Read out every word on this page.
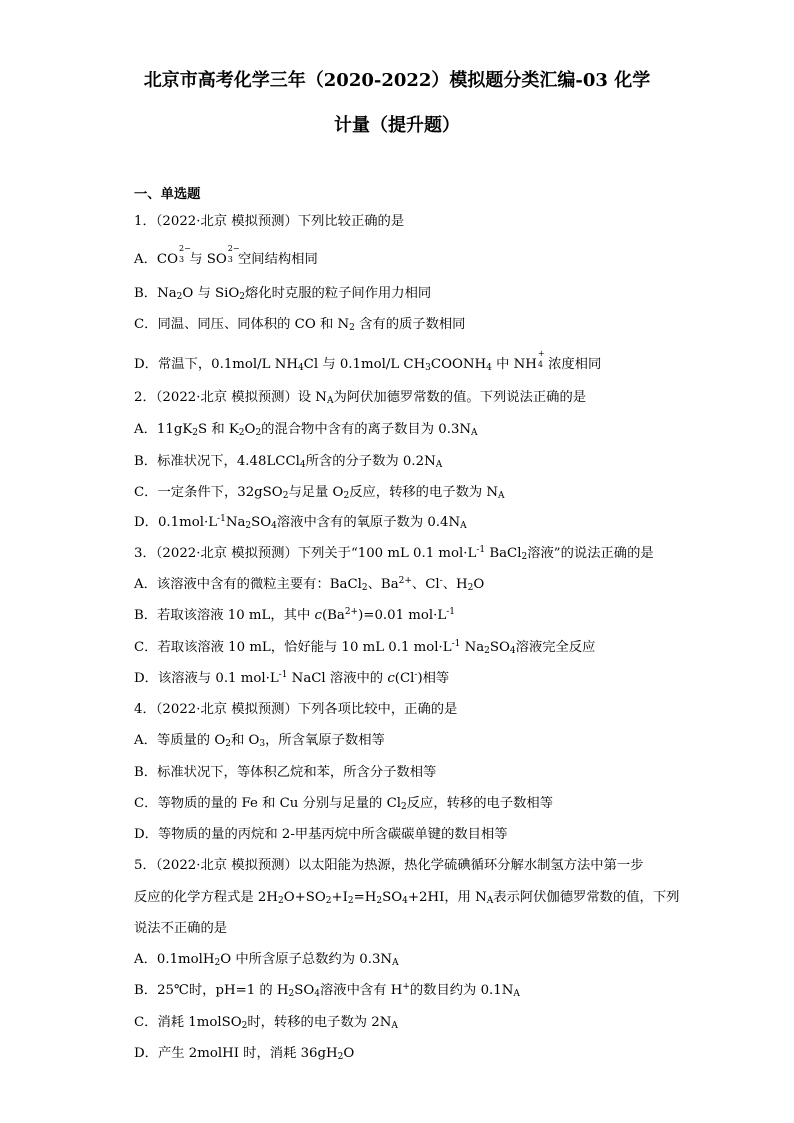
北京市高考化学三年（2020-2022）模拟题分类汇编-03 化学
计量（提升题）
一、单选题
1．（2022·北京 模拟预测）下列比较正确的是
A．CO
2−
3 与 SO
2−
3 空间结构相同
B．$Na_2O$ 与 SiO$_2$熔化时克服的粒子间作用力相同
C．同温、同压、同体积的 CO 和 $N_2$ 含有的质子数相同
D．常温下，0.1mol/L $NH_4Cl$ 与 0.1mol/L $CH_3COONH_4$ 中 NH
+
4 浓度相同
2．（2022·北京 模拟预测）设 $N_A$为阿伏加德罗常数的值。下列说法正确的是
A．$11gK_2S$ 和 $K_2O_2$的混合物中含有的离子数目为 $0.3N_A$
B．标准状况下，4.48LCCl$_4$所含的分子数为 $0.2N_A$
C．一定条件下，32gSO$_2$与足量 $O_2$反应，转移的电子数为 $N_A$
D．$0.1mol\cdot L^{-1}Na_2SO_4$溶液中含有的氧原子数为 $0.4N_A$
3．（2022·北京 模拟预测）下列关于“100 mL 0.1 $mol\cdot L^{-1}$ BaCl$_2$溶液”的说法正确的是
A．该溶液中含有的微粒主要有：BaCl$_2$、$Ba^{2+}$、Cl-、$H_2O$
B．若取该溶液 10 mL，其中 $c(Ba^{2+})=0.01$ $mol\cdot L^{-1}$
C．若取该溶液 10 mL，恰好能与 10 mL 0.1 $mol\cdot L^{-1}$ $Na_2SO_4$溶液完全反应
D．该溶液与 0.1 $mol\cdot L^{-1}$ NaCl 溶液中的 c(Cl-)相等
4．（2022·北京 模拟预测）下列各项比较中，正确的是
A．等质量的 $O_2$和 $O_3$，所含氧原子数相等
B．标准状况下，等体积乙烷和苯，所含分子数相等
C．等物质的量的 Fe 和 Cu 分别与足量的 $Cl_2$反应，转移的电子数相等
D．等物质的量的丙烷和 2-甲基丙烷中所含碳碳单键的数目相等
5．（2022·北京 模拟预测）以太阳能为热源，热化学硫碘循环分解水制氢方法中第一步
反应的化学方程式是 $2H_2O+SO_2+I_2=H_2SO_4+2HI$，用 $N_A$表示阿伏伽德罗常数的值，下列
说法不正确的是
A．0.1molH$_2$O 中所含原子总数约为 $0.3N_A$
B．25℃时，pH=1 的 $H_2SO_4$溶液中含有 H+的数目约为 $0.1N_A$
C．消耗 1molSO$_2$时，转移的电子数为 $2N_A$
D．产生 2molHI 时，消耗 $36gH_2O$
